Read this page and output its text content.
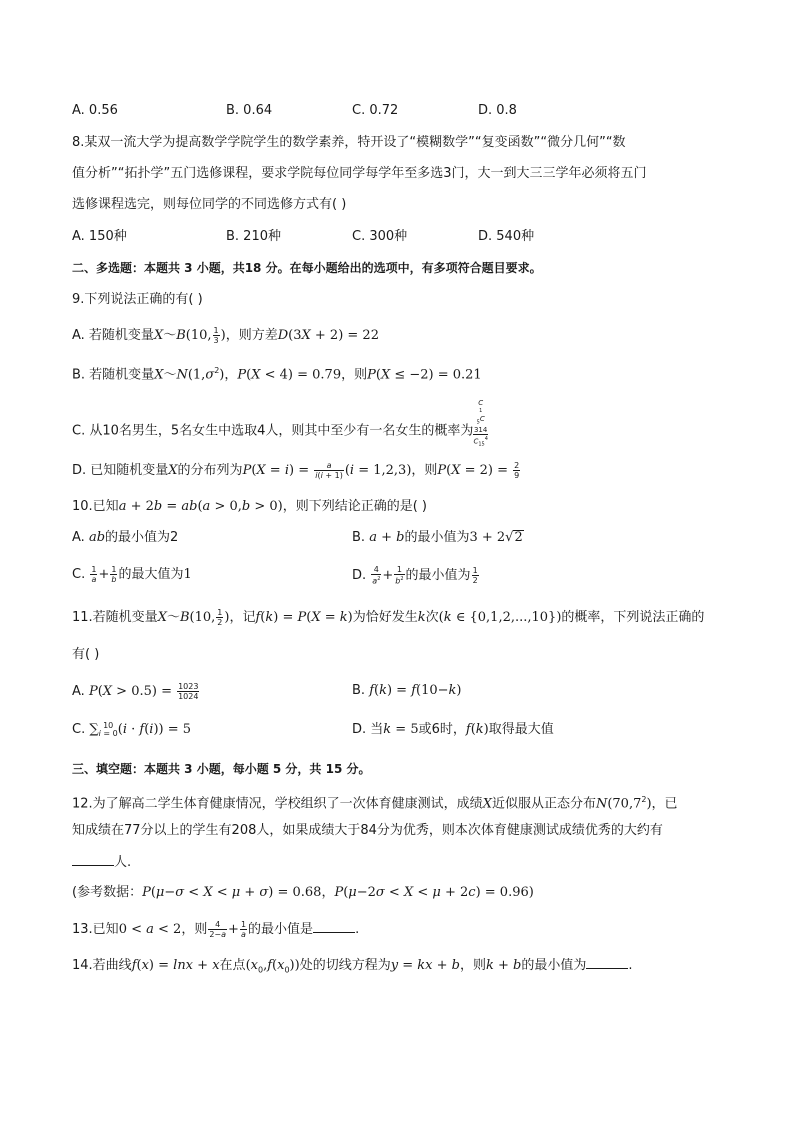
A. 0.56	B. 0.64	C. 0.72	D. 0.8
8.某双一流大学为提高数学学院学生的数学素养，特开设了“模糊数学”“复变函数”“微分几何”“数
值分析”“拓扑学”五门选修课程，要求学院每位同学每学年至多选3门，大一到大三三学年必须将五门
选修课程选完，则每位同学的不同选修方式有( )
A. 150种	B. 210种	C. 300种	D. 540种
二、多选题：本题共 3 小题，共18 分。在每小题给出的选项中，有多项符合题目要求。
9.下列说法正确的有( )
A. 若随机变量X～B(10, $\frac{1}{3}$ )，则方差D(3X + 2) = 22
B. 若随机变量$X\sim N(1,\sigma^2)$，P(X < 4) = 0.79，则P(X ≤ −2) = 0.21
C. 从10名男生，5名女生中选取4人，则其中至少有一名女生的概率为
C
1
$_5$C
314
$C_{15}^4$
D. 已知随机变量X的分布列为$P(X = i) = \frac{a}{i(i + 1)} (i = 1,2,3)$，则$P(X = 2) = \frac{2}{9}$
10.已知a + 2b = ab(a > 0,b > 0)，则下列结论正确的是( )
A. ab的最小值为2	B. a + b的最小值为3 + 2√2
C. $\frac{1}{a} + \frac{1}{b}$ 的最大值为1	D. $\frac{4}{a^2} + \frac{1}{b^2}$ 的最小值为 $\frac{1}{2}$
11.若随机变量X～B(10, $\frac{1}{2}$ )，记f(k) = P(X = k)为恰好发生k次(k ∈ {0,1,2,...,10})的概率，下列说法正确的
有( )
A. $P(X > 0.5) = \frac{1023}{1024}$	B. f(k) = f(10−k)
C. ∑ 10
i = 0 (i · f(i)) = 5	D. 当k = 5或6时，f(k)取得最大值
三、填空题：本题共 3 小题，每小题 5 分，共 15 分。
12.为了解高二学生体育健康情况，学校组织了一次体育健康测试，成绩X近似服从正态分布N(70,7$^2$)，已
知成绩在77分以上的学生有208人，如果成绩大于84分为优秀，则本次体育健康测试成绩优秀的大约有
人.
(参考数据：P(μ−σ < X < μ + σ) = 0.68，P(μ−2σ < X < μ + 2c) = 0.96)
13.已知0 < a < 2，则 $\frac{4}{2-a} + \frac{1}{a}$ 的最小值是	.
14.若曲线f(x) = lnx + x在点$(x_0,f(x_0))$处的切线方程为y = kx + b，则k + b的最小值为	.
